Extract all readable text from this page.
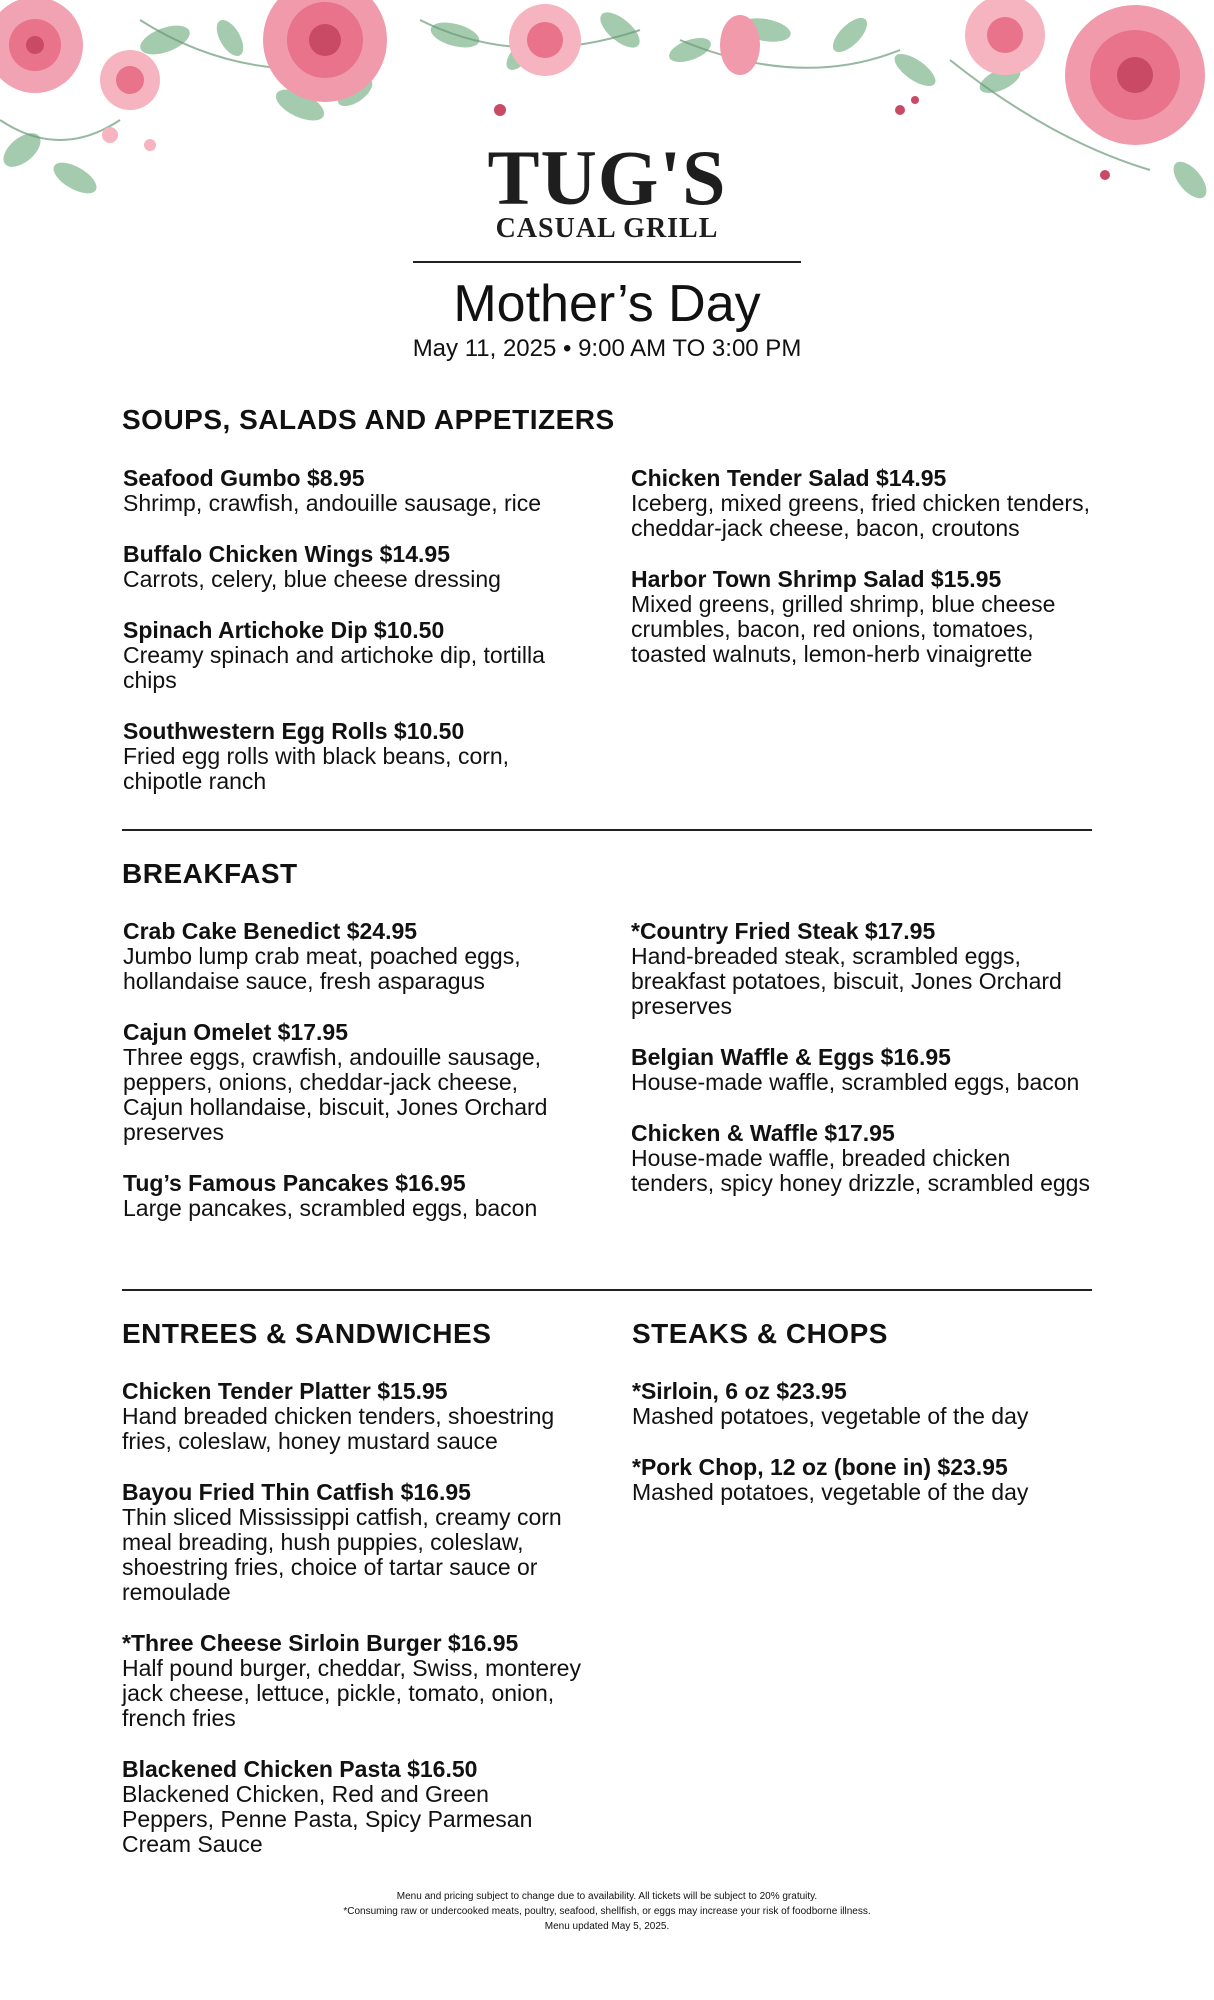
TUG'S
CASUAL GRILL
Mother’s Day
May 11, 2025 • 9:00 AM TO 3:00 PM
SOUPS, SALADS AND APPETIZERS
Seafood Gumbo $8.95
Shrimp, crawfish, andouille sausage, rice
Buffalo Chicken Wings $14.95
Carrots, celery, blue cheese dressing
Spinach Artichoke Dip $10.50
Creamy spinach and artichoke dip, tortilla chips
Southwestern Egg Rolls $10.50
Fried egg rolls with black beans, corn, chipotle ranch
Chicken Tender Salad $14.95
Iceberg, mixed greens, fried chicken tenders, cheddar-jack cheese, bacon, croutons
Harbor Town Shrimp Salad $15.95
Mixed greens, grilled shrimp, blue cheese crumbles, bacon, red onions, tomatoes, toasted walnuts, lemon-herb vinaigrette
BREAKFAST
Crab Cake Benedict $24.95
Jumbo lump crab meat, poached eggs, hollandaise sauce, fresh asparagus
Cajun Omelet $17.95
Three eggs, crawfish, andouille sausage, peppers, onions, cheddar-jack cheese, Cajun hollandaise, biscuit, Jones Orchard preserves
Tug’s Famous Pancakes $16.95
Large pancakes, scrambled eggs, bacon
*Country Fried Steak $17.95
Hand-breaded steak, scrambled eggs, breakfast potatoes, biscuit, Jones Orchard preserves
Belgian Waffle & Eggs $16.95
House-made waffle, scrambled eggs, bacon
Chicken & Waffle $17.95
House-made waffle, breaded chicken tenders, spicy honey drizzle, scrambled eggs
ENTREES & SANDWICHES
Chicken Tender Platter $15.95
Hand breaded chicken tenders, shoestring fries, coleslaw, honey mustard sauce
Bayou Fried Thin Catfish $16.95
Thin sliced Mississippi catfish, creamy corn meal breading, hush puppies, coleslaw, shoestring fries, choice of tartar sauce or remoulade
*Three Cheese Sirloin Burger $16.95
Half pound burger, cheddar, Swiss, monterey jack cheese, lettuce, pickle, tomato, onion, french fries
Blackened Chicken Pasta $16.50
Blackened Chicken, Red and Green Peppers, Penne Pasta, Spicy Parmesan Cream Sauce
STEAKS & CHOPS
*Sirloin, 6 oz $23.95
Mashed potatoes, vegetable of the day
*Pork Chop, 12 oz (bone in) $23.95
Mashed potatoes, vegetable of the day
Menu and pricing subject to change due to availability. All tickets will be subject to 20% gratuity.
*Consuming raw or undercooked meats, poultry, seafood, shellfish, or eggs may increase your risk of foodborne illness.
Menu updated May 5, 2025.
